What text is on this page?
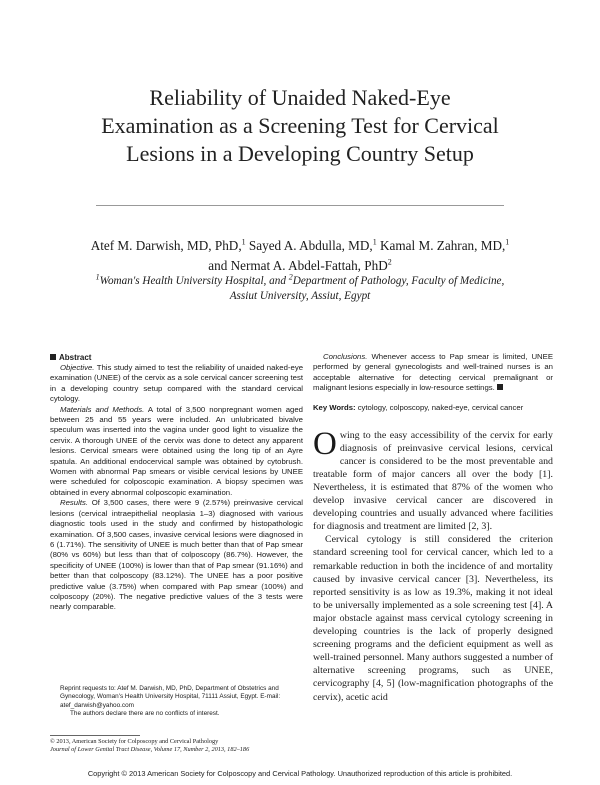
Reliability of Unaided Naked-Eye Examination as a Screening Test for Cervical Lesions in a Developing Country Setup
Atef M. Darwish, MD, PhD,$^1$ Sayed A. Abdulla, MD,$^1$ Kamal M. Zahran, MD,$^1$
and Nermat A. Abdel-Fattah, PhD$^2$
$^1$Woman's Health University Hospital, and $^2$Department of Pathology, Faculty of Medicine,
Assiut University, Assiut, Egypt
Abstract

Objective. This study aimed to test the reliability of unaided naked-eye examination (UNEE) of the cervix as a sole cervical cancer screening test in a developing country setup compared with the standard cervical cytology.

Materials and Methods. A total of 3,500 nonpregnant women aged between 25 and 55 years were included. An unlubricated bivalve speculum was inserted into the vagina under good light to visualize the cervix. A thorough UNEE of the cervix was done to detect any apparent lesions. Cervical smears were obtained using the long tip of an Ayre spatula. An additional endocervical sample was obtained by cytobrush. Women with abnormal Pap smears or visible cervical lesions by UNEE were scheduled for colposcopic examination. A biopsy specimen was obtained in every abnormal colposcopic examination.

Results. Of 3,500 cases, there were 9 (2.57%) preinvasive cervical lesions (cervical intraepithelial neoplasia 1–3) diagnosed with various diagnostic tools used in the study and confirmed by histopathologic examination. Of 3,500 cases, invasive cervical lesions were diagnosed in 6 (1.71%). The sensitivity of UNEE is much better than that of Pap smear (80% vs 60%) but less than that of colposcopy (86.7%). However, the specificity of UNEE (100%) is lower than that of Pap smear (91.16%) and better than that colposcopy (83.12%). The UNEE has a poor positive predictive value (3.75%) when compared with Pap smear (100%) and colposcopy (20%). The negative predictive values of the 3 tests were nearly comparable.

Reprint requests to: Atef M. Darwish, MD, PhD, Department of Obstetrics and Gynecology, Woman's Health University Hospital, 71111 Assiut, Egypt. E-mail: atef_darwish@yahoo.com
The authors declare there are no conflicts of interest.
© 2013, American Society for Colposcopy and Cervical Pathology
Journal of Lower Genital Tract Disease, Volume 17, Number 2, 2013, 182–186

Conclusions. Whenever access to Pap smear is limited, UNEE performed by general gynecologists and well-trained nurses is an acceptable alternative for detecting cervical premalignant or malignant lesions especially in low-resource settings.

Key Words: cytology, colposcopy, naked-eye, cervical cancer

Owing to the easy accessibility of the cervix for early diagnosis of preinvasive cervical lesions, cervical cancer is considered to be the most preventable and treatable form of major cancers all over the body [1]. Nevertheless, it is estimated that 87% of the women who develop invasive cervical cancer are discovered in developing countries and usually advanced where facilities for diagnosis and treatment are limited [2, 3].

Cervical cytology is still considered the criterion standard screening tool for cervical cancer, which led to a remarkable reduction in both the incidence of and mortality caused by invasive cervical cancer [3]. Nevertheless, its reported sensitivity is as low as 19.3%, making it not ideal to be universally implemented as a sole screening test [4]. A major obstacle against mass cervical cytology screening in developing countries is the lack of properly designed screening programs and the deficient equipment as well as well-trained personnel. Many authors suggested a number of alternative screening programs, such as UNEE, cervicography [4, 5] (low-magnification photographs of the cervix), acetic acid

Copyright © 2013 American Society for Colposcopy and Cervical Pathology. Unauthorized reproduction of this article is prohibited.
